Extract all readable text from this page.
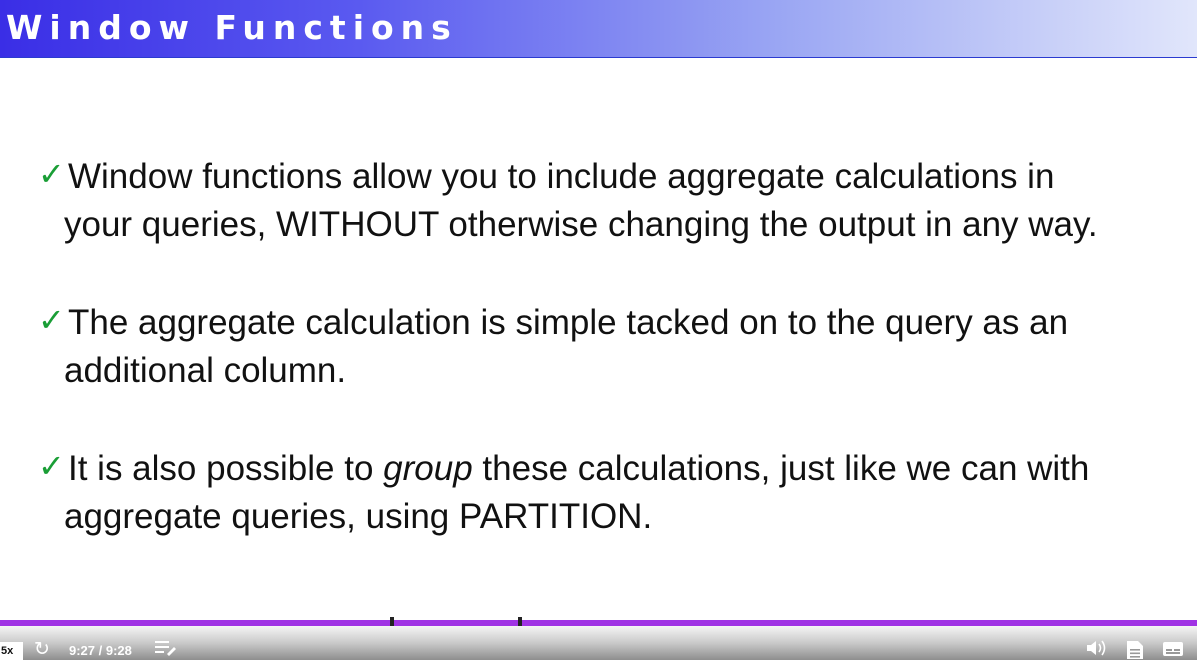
Window Functions
✓ Window functions allow you to include aggregate calculations in
your queries, WITHOUT otherwise changing the output in any way.
✓ The aggregate calculation is simple tacked on to the query as an
additional column.
✓ It is also possible to group these calculations, just like we can with
aggregate queries, using PARTITION.
5x	↻ 9:27 / 9:28
